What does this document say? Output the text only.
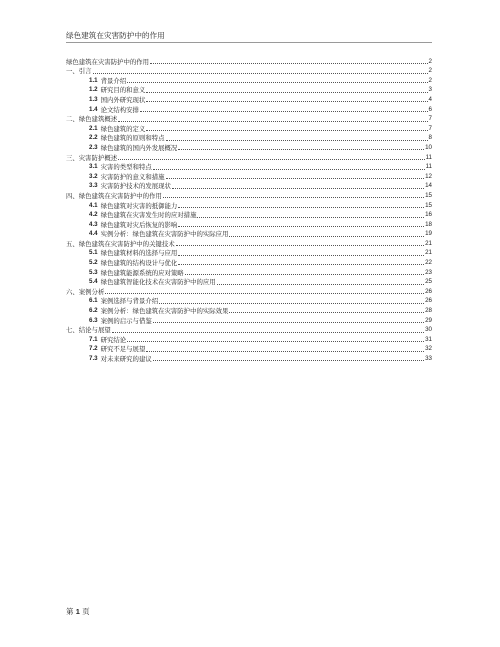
绿色建筑在灾害防护中的作用
绿色建筑在灾害防护中的作用	2
一、引言	2
1.1 背景介绍	2
1.2 研究目的和意义	3
1.3 国内外研究现状	4
1.4 论文结构安排	6
二、绿色建筑概述	7
2.1 绿色建筑的定义	7
2.2 绿色建筑的原则和特点	8
2.3 绿色建筑的国内外发展概况	10
三、灾害防护概述	11
3.1 灾害的类型和特点	11
3.2 灾害防护的意义和措施	12
3.3 灾害防护技术的发展现状	14
四、绿色建筑在灾害防护中的作用	15
4.1 绿色建筑对灾害的抵御能力	15
4.2 绿色建筑在灾害发生时的应对措施	16
4.3 绿色建筑对灾后恢复的影响	18
4.4 实例分析：绿色建筑在灾害防护中的实际应用	19
五、绿色建筑在灾害防护中的关键技术	21
5.1 绿色建筑材料的选择与应用	21
5.2 绿色建筑的结构设计与优化	22
5.3 绿色建筑能源系统的应对策略	23
5.4 绿色建筑智能化技术在灾害防护中的应用	25
六、案例分析	26
6.1 案例选择与背景介绍	26
6.2 案例分析：绿色建筑在灾害防护中的实际效果	28
6.3 案例的启示与借鉴	29
七、结论与展望	30
7.1 研究结论	31
7.2 研究不足与展望	32
7.3 对未来研究的建议	33
第 1 页
